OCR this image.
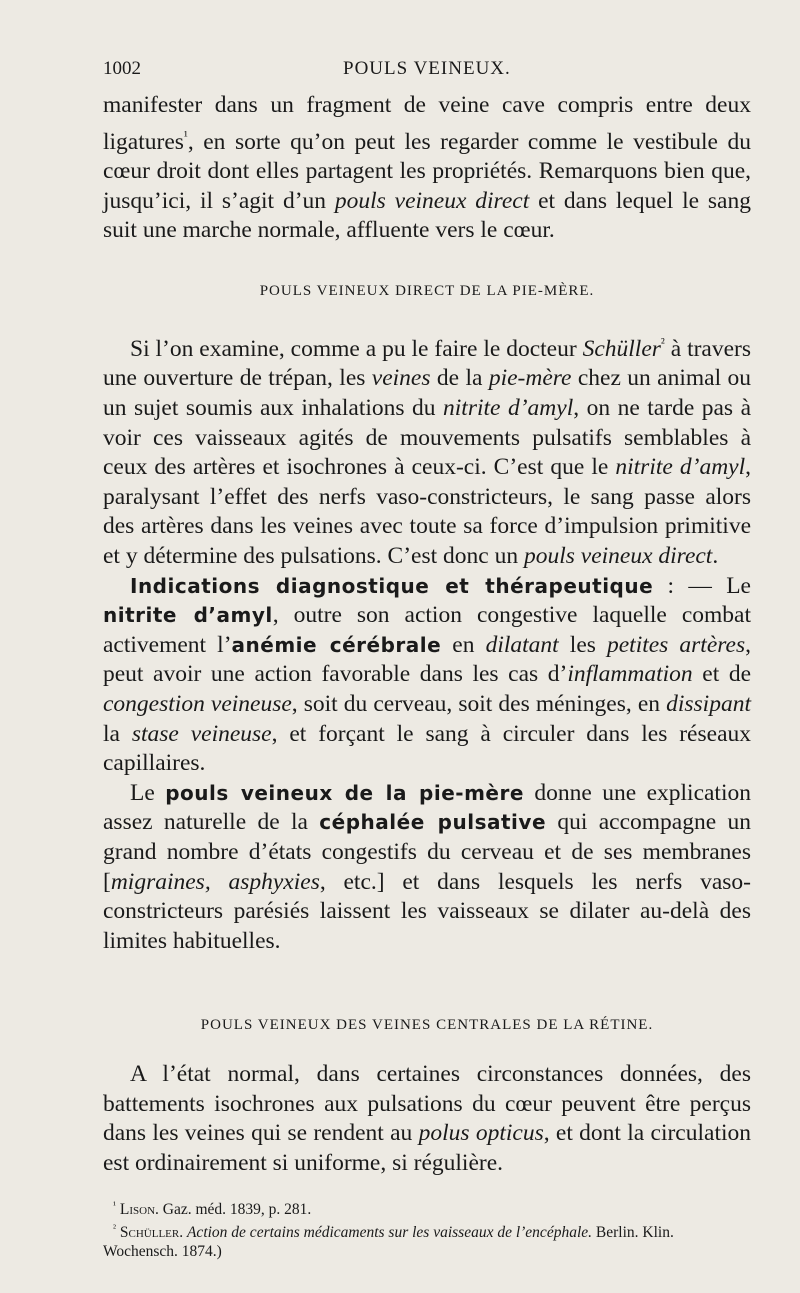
1002	POULS VEINEUX.

manifester dans un fragment de veine cave compris entre deux ligatures$^{^1}$, en sorte qu’on peut les regarder comme le vestibule du cœur droit dont elles partagent les propriétés. Remarquons bien que, jusqu’ici, il s’agit d’un pouls veineux direct et dans lequel le sang suit une marche normale, affluente vers le cœur.

POULS VEINEUX DIRECT DE LA PIE-MÈRE.

Si l’on examine, comme a pu le faire le docteur Schüller$^{^2}$ à travers une ouverture de trépan, les veines de la pie-mère chez un animal ou un sujet soumis aux inhalations du nitrite d’amyl, on ne tarde pas à voir ces vaisseaux agités de mouvements pulsatifs semblables à ceux des artères et isochrones à ceux-ci. C’est que le nitrite d’amyl, paralysant l’effet des nerfs vaso-constricteurs, le sang passe alors des artères dans les veines avec toute sa force d’impulsion primitive et y détermine des pulsations. C’est donc un pouls veineux direct.

Indications diagnostique et thérapeutique : — Le nitrite d’amyl, outre son action congestive laquelle combat activement l’anémie cérébrale en dilatant les petites artères, peut avoir une action favorable dans les cas d’inflammation et de congestion veineuse, soit du cerveau, soit des méninges, en dissipant la stase veineuse, et forçant le sang à circuler dans les réseaux capillaires.

Le pouls veineux de la pie-mère donne une explication assez naturelle de la céphalée pulsative qui accompagne un grand nombre d’états congestifs du cerveau et de ses membranes [migraines, asphyxies, etc.] et dans lesquels les nerfs vaso-constricteurs parésiés laissent les vaisseaux se dilater au-delà des limites habituelles.

POULS VEINEUX DES VEINES CENTRALES DE LA RÉTINE.

A l’état normal, dans certaines circonstances données, des battements isochrones aux pulsations du cœur peuvent être perçus dans les veines qui se rendent au polus opticus, et dont la circulation est ordinairement si uniforme, si régulière.

$^{^1}$ Lison. Gaz. méd. 1839, p. 281.

$^{^2}$ Schüller. Action de certains médicaments sur les vaisseaux de l’encéphale. Berlin. Klin. Wochensch. 1874.)
